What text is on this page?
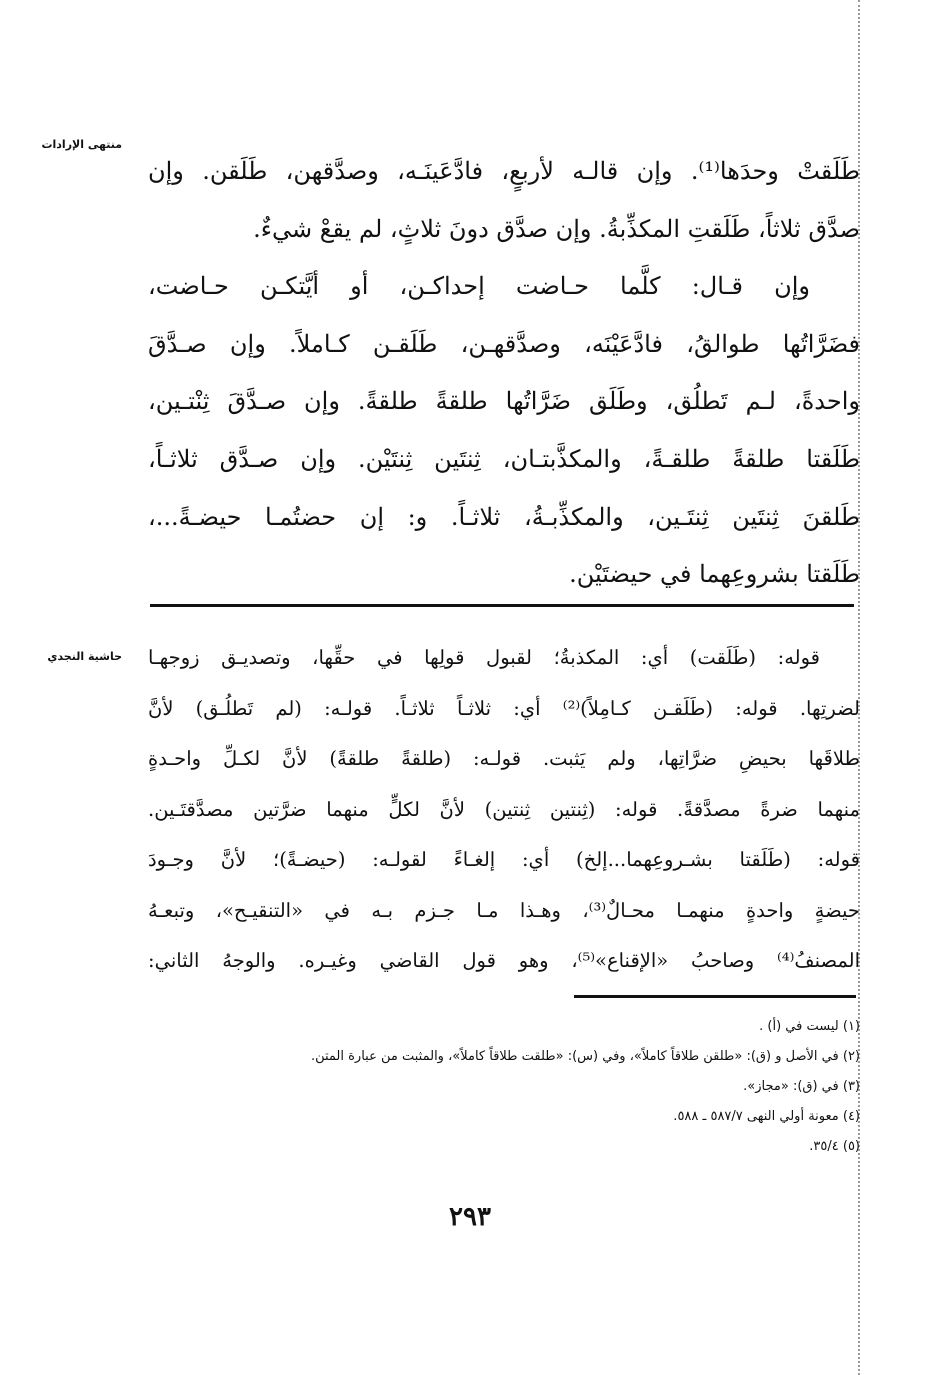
منتهى الإرادات
حاشية النجدي
طَلَقتْ وحدَها⁽¹⁾. وإن قالـه لأربعٍ، فادَّعَينَـه، وصدَّقهن، طَلَقن. وإن
صدَّق ثلاثاً، طَلَقتِ المكذِّبةُ. وإن صدَّق دونَ ثلاثٍ، لم يقعْ شيءٌ.
وإن قـال: كلَّما حـاضت إحداكـن، أو أيَّتكـن حـاضت،
فضَرَّاتُها طوالقُ، فادَّعَيْنَه، وصدَّقهـن، طَلَقـن كـاملاً. وإن صـدَّقَ
واحدةً، لـم تَطلُق، وطَلَق ضَرَّاتُها طلقةً طلقةً. وإن صـدَّقَ ثِنْتـين،
طَلَقتا طلقةً طلقـةً، والمكذَّبتـان، ثِنتَين ثِنتَيْن. وإن صـدَّق ثلاثـاً،
طَلقنَ ثِنتَين ثِنتَـين، والمكذِّبـةُ، ثلاثـاً. و: إن حضتُمـا حيضـةً...،
طَلَقتا بشروعِهما في حيضتَيْن.
قوله: (طَلَقت) أي: المكذبةُ؛ لقبول قولِها في حقِّها، وتصديـق زوجهـا
لضرتِها. قوله: (طَلَقـن كـامِلاً)⁽²⁾ أي: ثلاثـاً ثلاثـاً. قولـه: (لم تَطلُـق) لأنَّ
طلاقَها بحيضِ ضرَّاتِها، ولم يَثبت. قولـه: (طلقةً طلقةً) لأنَّ لكـلِّ واحـدةٍ
منهما ضرةً مصدَّقةً. قوله: (ثِنتين ثِنتين) لأنَّ لكلٍّ منهما ضرَّتين مصدَّقتَـين.
قوله: (طَلَقتا بشـروعِهما...إلخ) أي: إلغـاءً لقولـه: (حيضـةً)؛ لأنَّ وجـودَ
حيضةٍ واحدةٍ منهمـا محـالٌ⁽³⁾، وهـذا مـا جـزم بـه في «التنقيـح»، وتبعـهُ
المصنفُ⁽⁴⁾ وصاحبُ «الإقناع»⁽⁵⁾، وهو قول القاضي وغيـره. والوجهُ الثاني:
(١) ليست في (أ) .
(٢) في الأصل و (ق): «طلقن طلاقاً كاملاً»، وفي (س): «طلقت طلاقاً كاملاً»، والمثبت من عبارة المتن.
(٣) في (ق): «مجاز».
(٤) معونة أولي النهى ٥٨٧/٧ ـ ٥٨٨.
(٥) ٣٥/٤.
٢٩٣
